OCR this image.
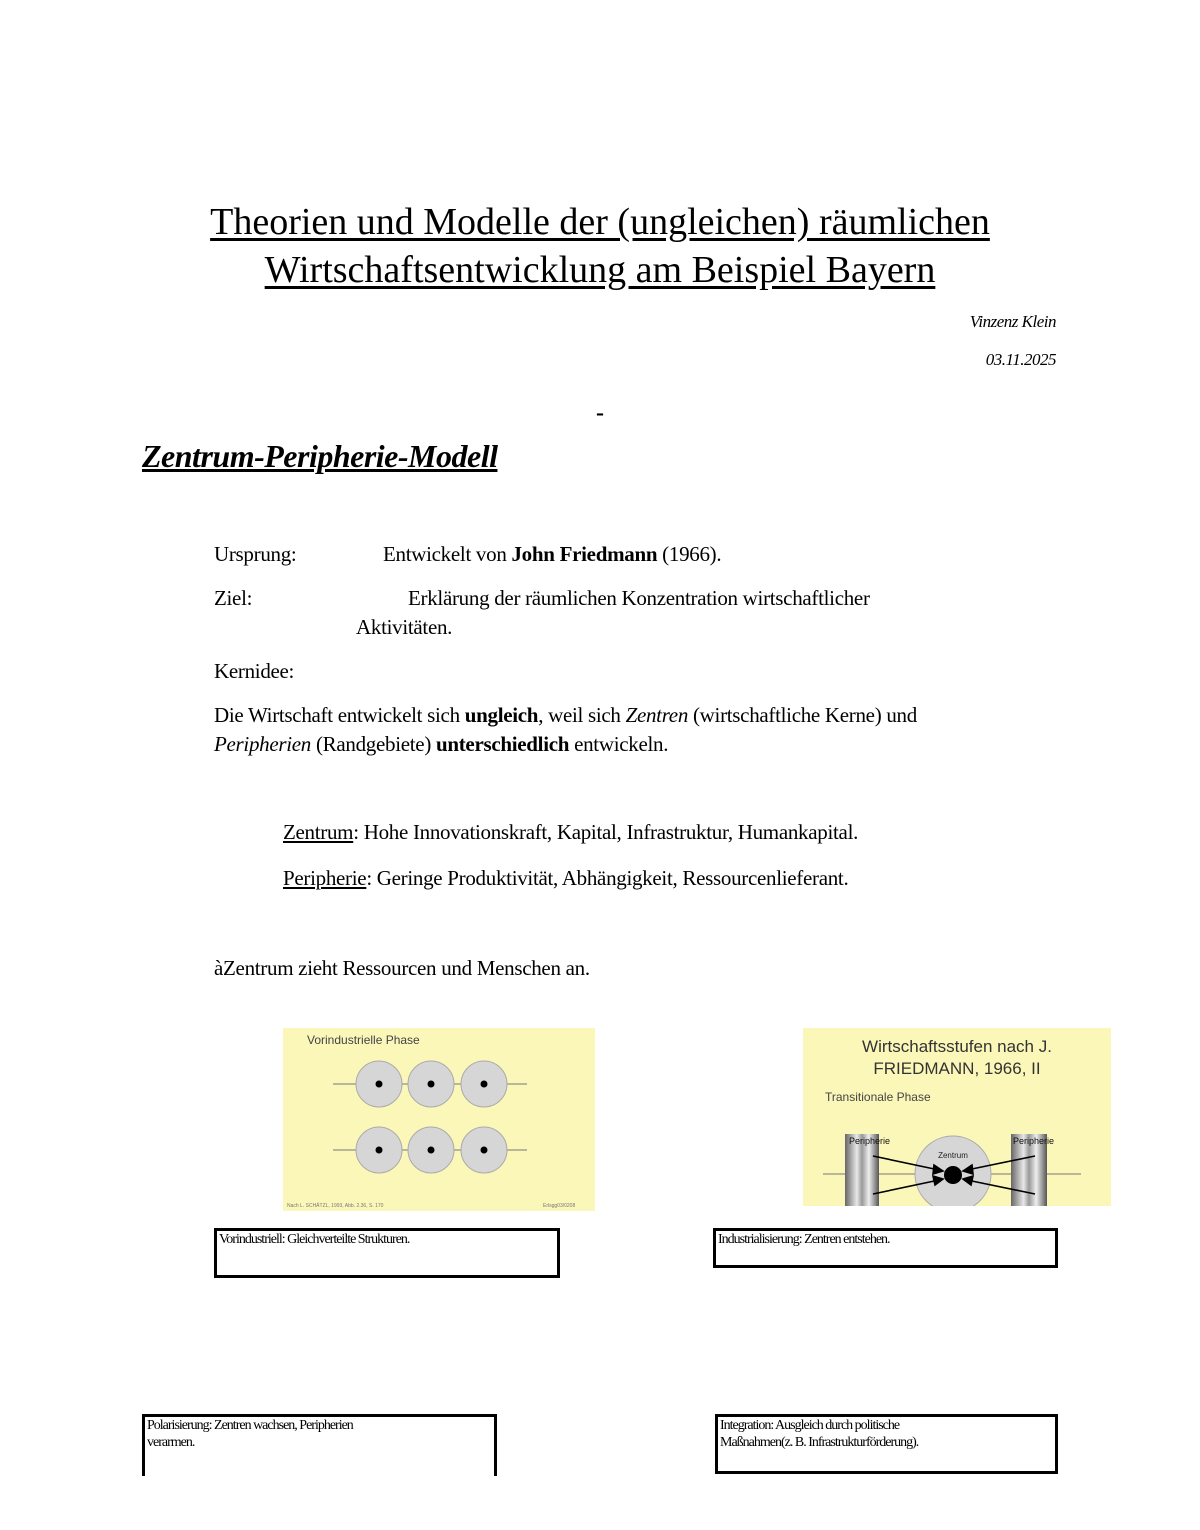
Theorien und Modelle der (ungleichen) räumlichen
Wirtschaftsentwicklung am Beispiel Bayern
Vinzenz Klein
03.11.2025
-
Zentrum-Peripherie-Modell
Ursprung:	Entwickelt von John Friedmann (1966).
Ziel:	Erklärung der räumlichen Konzentration wirtschaftlicher
Aktivitäten.
Kernidee:
Die Wirtschaft entwickelt sich ungleich, weil sich Zentren (wirtschaftliche Kerne) und
Peripherien (Randgebiete) unterschiedlich entwickeln.
Zentrum: Hohe Innovationskraft, Kapital, Infrastruktur, Humankapital.
Peripherie: Geringe Produktivität, Abhängigkeit, Ressourcenlieferant.
àZentrum zieht Ressourcen und Menschen an.
Vorindustrielle Phase
Nach L. SCHÄTZL, 1993, Abb. 2.36, S. 170	Erlsgg03/0208
Wirtschaftsstufen nach J.
FRIEDMANN, 1966, II
Transitionale Phase
Zentrum
Peripherie	Peripherie
Vorindustriell: Gleichverteilte Strukturen.	Industrialisierung: Zentren entstehen.
Polarisierung: Zentren wachsen, Peripherien
verarmen.
Integration: Ausgleich durch politische
Maßnahmen(z. B. Infrastrukturförderung).
